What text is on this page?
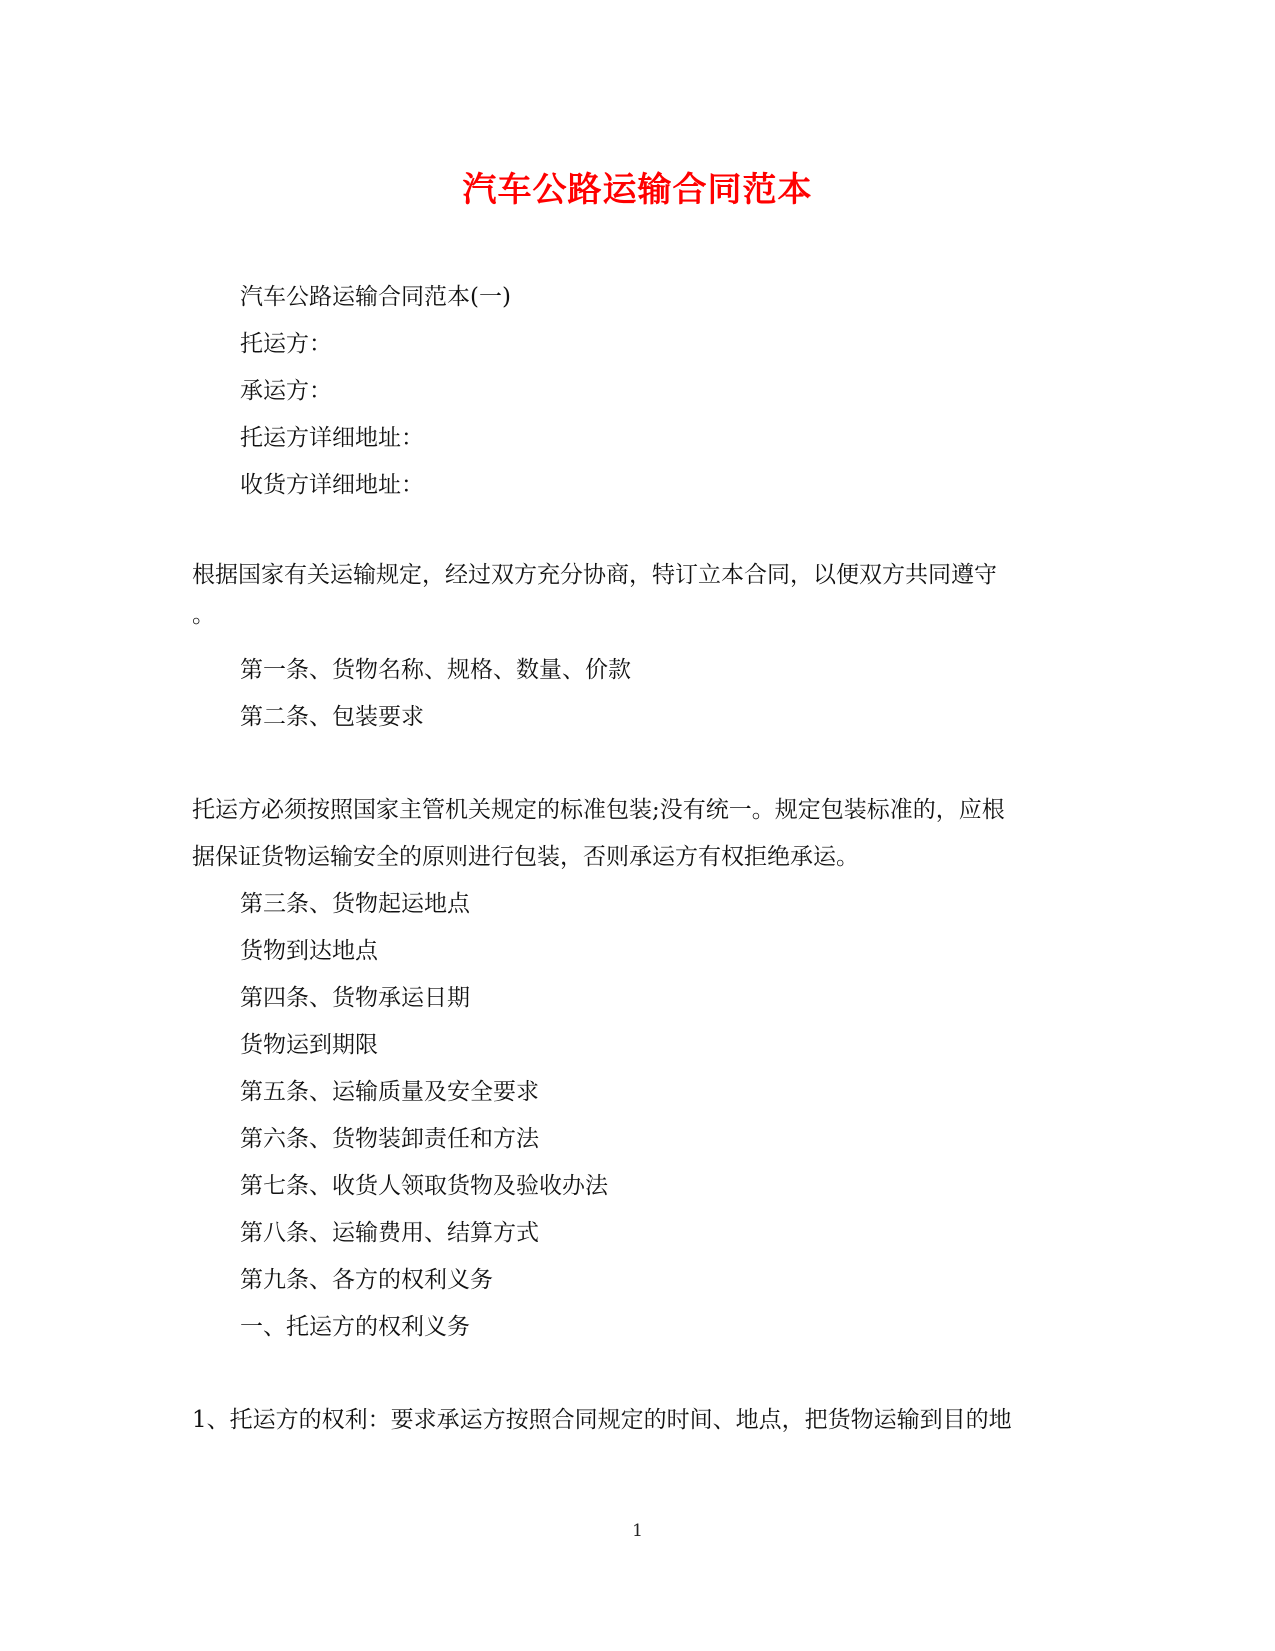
汽车公路运输合同范本
汽车公路运输合同范本(一)
托运方：
承运方：
托运方详细地址：
收货方详细地址：
根据国家有关运输规定，经过双方充分协商，特订立本合同，以便双方共同遵守
。
第一条、货物名称、规格、数量、价款
第二条、包装要求
托运方必须按照国家主管机关规定的标准包装;没有统一。规定包装标准的，应根
据保证货物运输安全的原则进行包装，否则承运方有权拒绝承运。
第三条、货物起运地点
货物到达地点
第四条、货物承运日期
货物运到期限
第五条、运输质量及安全要求
第六条、货物装卸责任和方法
第七条、收货人领取货物及验收办法
第八条、运输费用、结算方式
第九条、各方的权利义务
一、托运方的权利义务
1、托运方的权利：要求承运方按照合同规定的时间、地点，把货物运输到目的地
1
